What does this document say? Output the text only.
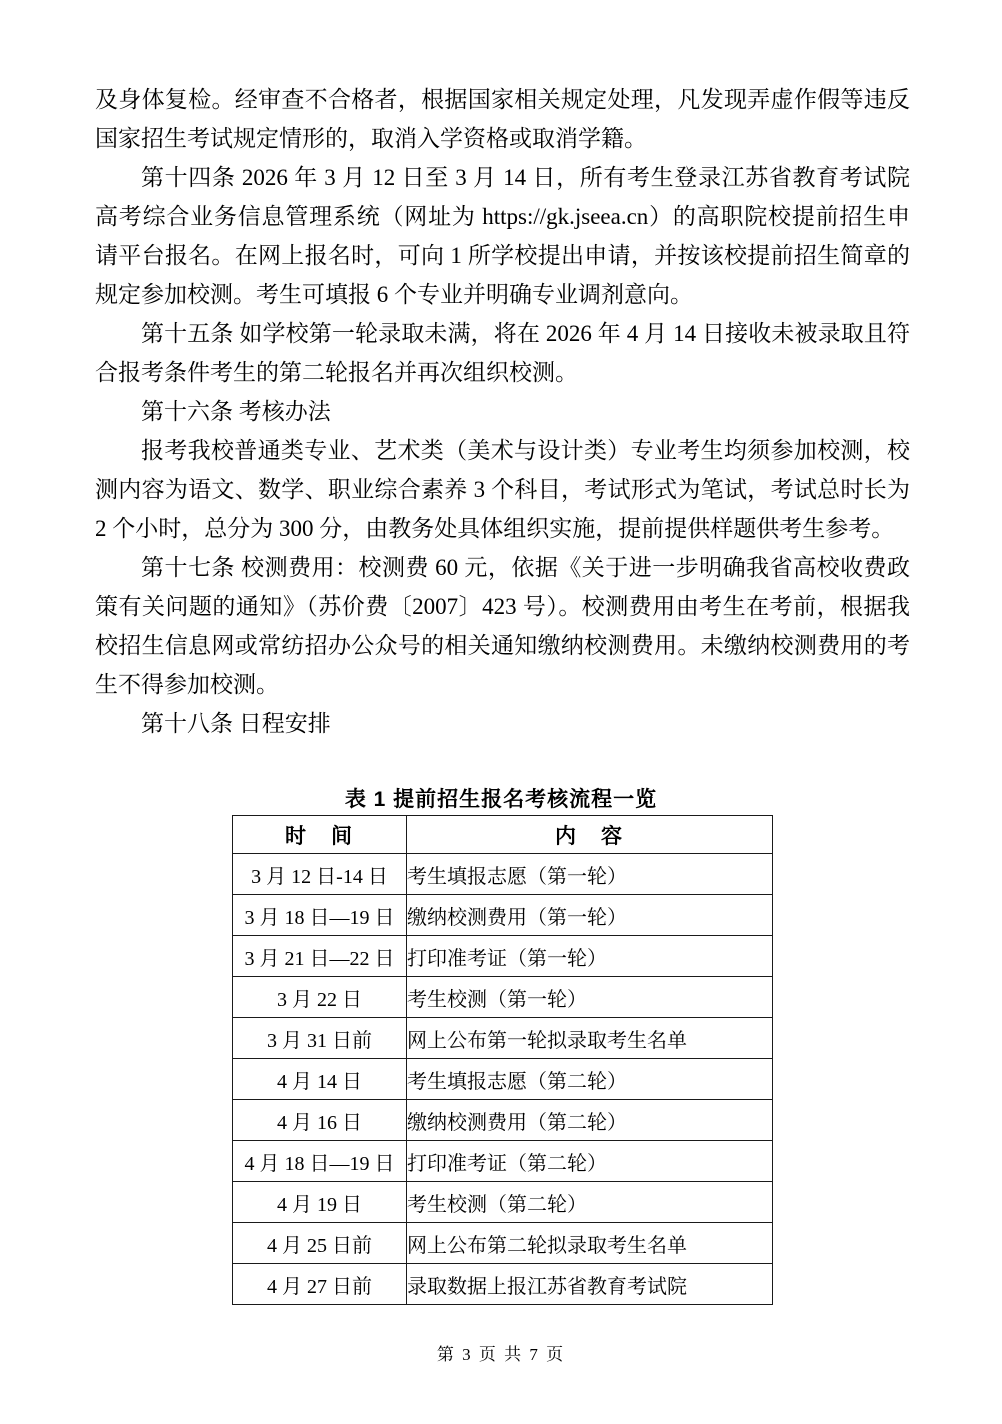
及身体复检。经审查不合格者，根据国家相关规定处理，凡发现弄虚作假等违反国家招生考试规定情形的，取消入学资格或取消学籍。

第十四条 2026 年 3 月 12 日至 3 月 14 日，所有考生登录江苏省教育考试院高考综合业务信息管理系统（网址为 https://gk.jseea.cn）的高职院校提前招生申请平台报名。在网上报名时，可向 1 所学校提出申请，并按该校提前招生简章的规定参加校测。考生可填报 6 个专业并明确专业调剂意向。

第十五条 如学校第一轮录取未满，将在 2026 年 4 月 14 日接收未被录取且符合报考条件考生的第二轮报名并再次组织校测。

第十六条 考核办法

报考我校普通类专业、艺术类（美术与设计类）专业考生均须参加校测，校测内容为语文、数学、职业综合素养 3 个科目，考试形式为笔试，考试总时长为 2 个小时，总分为 300 分，由教务处具体组织实施，提前提供样题供考生参考。

第十七条 校测费用：校测费 60 元，依据《关于进一步明确我省高校收费政策有关问题的通知》（苏价费〔2007〕423 号）。校测费用由考生在考前，根据我校招生信息网或常纺招办公众号的相关通知缴纳校测费用。未缴纳校测费用的考生不得参加校测。

第十八条 日程安排

表 1 提前招生报名考核流程一览
时　间	内　容
3 月 12 日-14 日	考生填报志愿（第一轮）
3 月 18 日—19 日	缴纳校测费用（第一轮）
3 月 21 日—22 日	打印准考证（第一轮）
3 月 22 日	考生校测（第一轮）
3 月 31 日前	网上公布第一轮拟录取考生名单
4 月 14 日	考生填报志愿（第二轮）
4 月 16 日	缴纳校测费用（第二轮）
4 月 18 日—19 日	打印准考证（第二轮）
4 月 19 日	考生校测（第二轮）
4 月 25 日前	网上公布第二轮拟录取考生名单
4 月 27 日前	录取数据上报江苏省教育考试院
第 3 页 共 7 页
